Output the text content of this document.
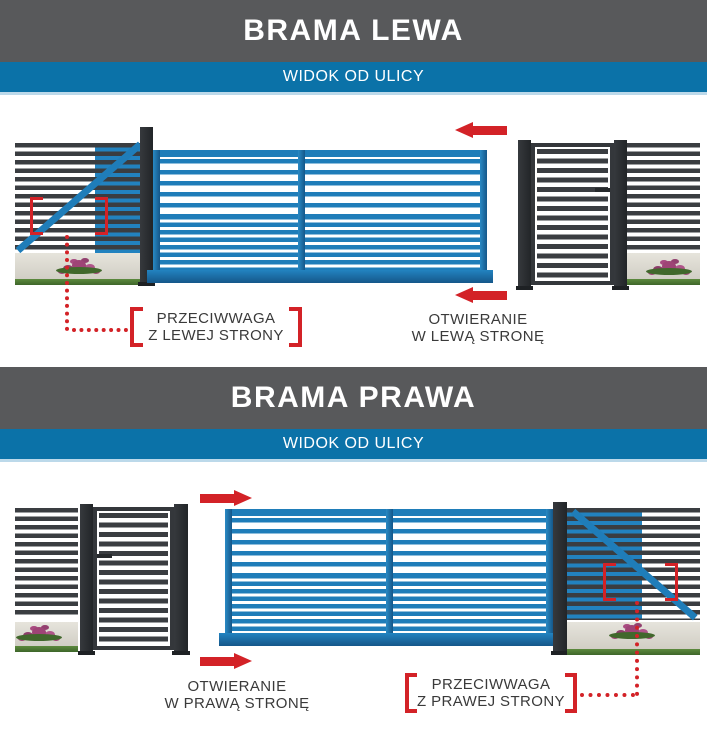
BRAMA LEWA
WIDOK OD ULICY
PRZECIWWAGA
Z LEWEJ STRONY
OTWIERANIE
W LEWĄ STRONĘ
BRAMA PRAWA
WIDOK OD ULICY
OTWIERANIE
W PRAWĄ STRONĘ
PRZECIWWAGA
Z PRAWEJ STRONY
